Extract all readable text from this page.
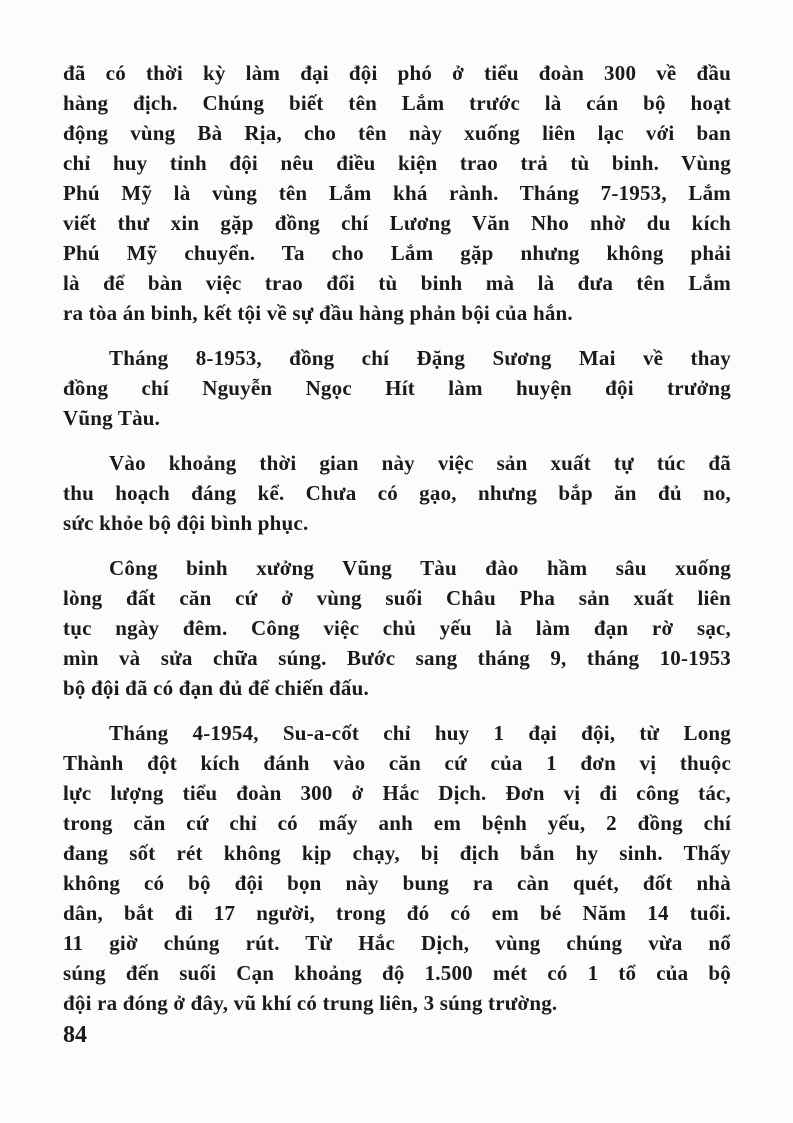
đã có thời kỳ làm đại đội phó ở tiểu đoàn 300 về đầu
hàng địch. Chúng biết tên Lắm trước là cán bộ hoạt
động vùng Bà Rịa, cho tên này xuống liên lạc với ban
chỉ huy tỉnh đội nêu điều kiện trao trả tù binh. Vùng
Phú Mỹ là vùng tên Lắm khá rành. Tháng 7-1953, Lắm
viết thư xin gặp đồng chí Lương Văn Nho nhờ du kích
Phú Mỹ chuyển. Ta cho Lắm gặp nhưng không phải
là để bàn việc trao đổi tù binh mà là đưa tên Lắm
ra tòa án binh, kết tội về sự đầu hàng phản bội của hắn.
Tháng 8-1953, đồng chí Đặng Sương Mai về thay
đồng chí Nguyễn Ngọc Hít làm huyện đội trưởng
Vũng Tàu.
Vào khoảng thời gian này việc sản xuất tự túc đã
thu hoạch đáng kể. Chưa có gạo, nhưng bắp ăn đủ no,
sức khỏe bộ đội bình phục.
Công binh xưởng Vũng Tàu đào hầm sâu xuống
lòng đất căn cứ ở vùng suối Châu Pha sản xuất liên
tục ngày đêm. Công việc chủ yếu là làm đạn rờ sạc,
mìn và sửa chữa súng. Bước sang tháng 9, tháng 10-1953
bộ đội đã có đạn đủ để chiến đấu.
Tháng 4-1954, Su-a-cốt chỉ huy 1 đại đội, từ Long
Thành đột kích đánh vào căn cứ của 1 đơn vị thuộc
lực lượng tiểu đoàn 300 ở Hắc Dịch. Đơn vị đi công tác,
trong căn cứ chỉ có mấy anh em bệnh yếu, 2 đồng chí
đang sốt rét không kịp chạy, bị địch bắn hy sinh. Thấy
không có bộ đội bọn này bung ra càn quét, đốt nhà
dân, bắt đi 17 người, trong đó có em bé Năm 14 tuổi.
11 giờ chúng rút. Từ Hắc Dịch, vùng chúng vừa nổ
súng đến suối Cạn khoảng độ 1.500 mét có 1 tổ của bộ
đội ra đóng ở đây, vũ khí có trung liên, 3 súng trường.
84
